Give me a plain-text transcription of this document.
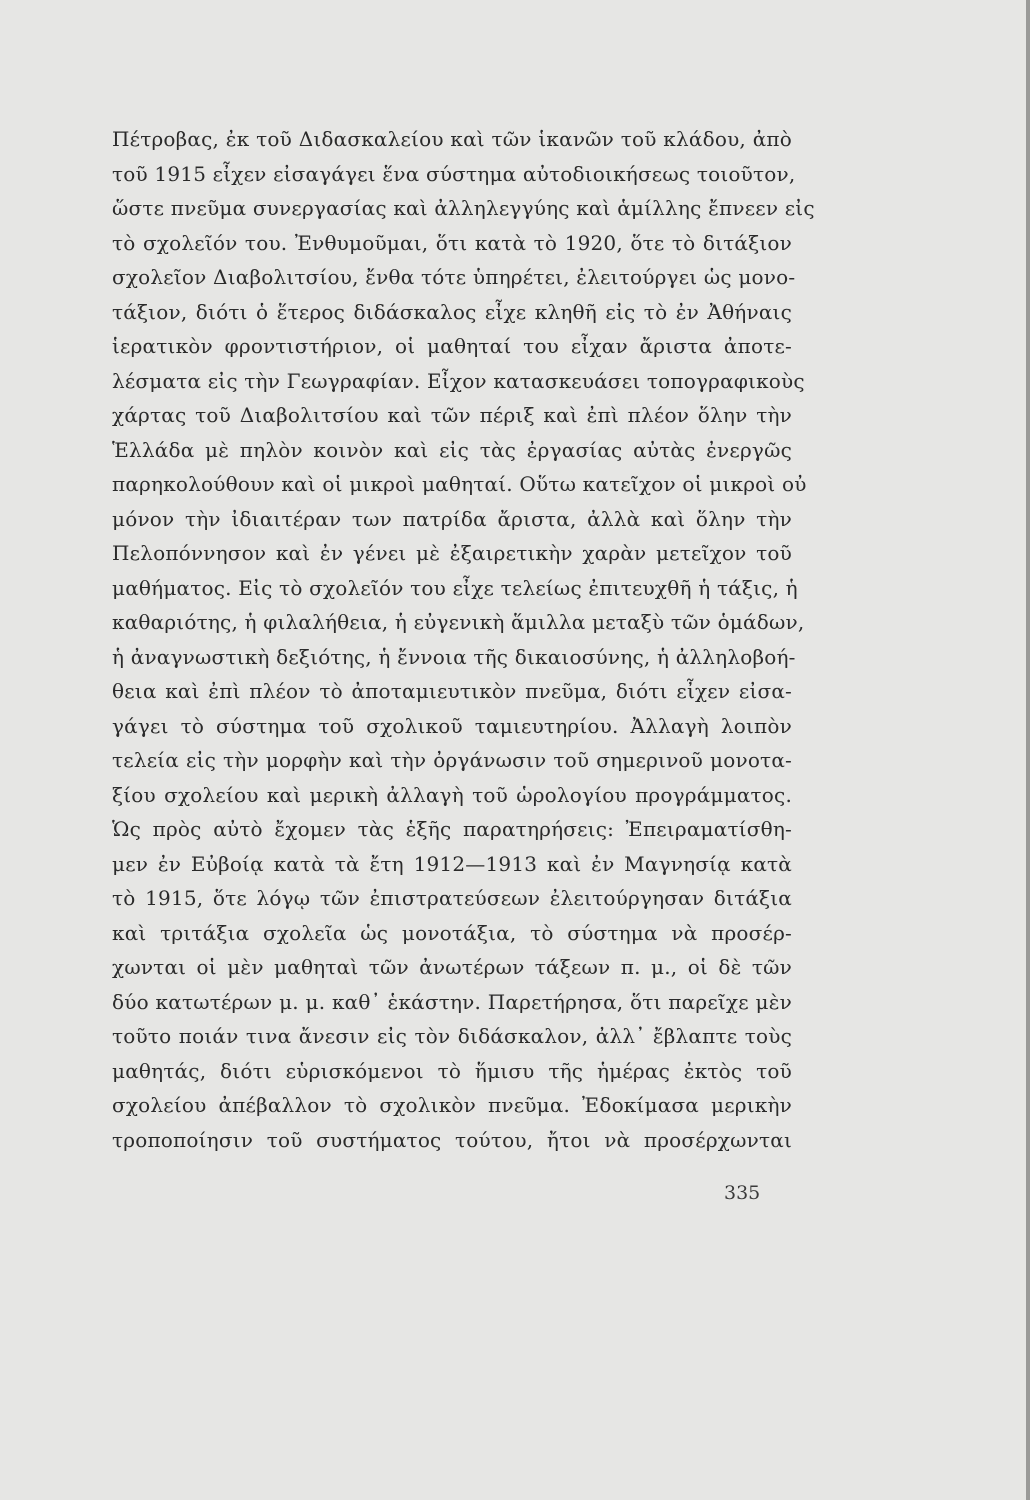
Πέτροβας, ἐκ τοῦ Διδασκαλείου καὶ τῶν ἱκανῶν τοῦ κλάδου, ἀπὸ
τοῦ 1915 εἶχεν εἰσαγάγει ἕνα σύστημα αὐτοδιοικήσεως τοιοῦτον,
ὥστε πνεῦμα συνεργασίας καὶ ἀλληλεγγύης καὶ ἁμίλλης ἔπνεεν εἰς
τὸ σχολεῖόν του. Ἐνθυμοῦμαι, ὅτι κατὰ τὸ 1920, ὅτε τὸ διτάξιον
σχολεῖον Διαβολιτσίου, ἔνθα τότε ὑπηρέτει, ἐλειτούργει ὡς μονο-
τάξιον, διότι ὁ ἕτερος διδάσκαλος εἶχε κληθῆ εἰς τὸ ἐν Ἀθήναις
ἱερατικὸν φροντιστήριον, οἱ μαθηταί του εἶχαν ἄριστα ἀποτε-
λέσματα εἰς τὴν Γεωγραφίαν. Εἶχον κατασκευάσει τοπογραφικοὺς
χάρτας τοῦ Διαβολιτσίου καὶ τῶν πέριξ καὶ ἐπὶ πλέον ὅλην τὴν
Ἑλλάδα μὲ πηλὸν κοινὸν καὶ εἰς τὰς ἐργασίας αὐτὰς ἐνεργῶς
παρηκολούθουν καὶ οἱ μικροὶ μαθηταί. Οὕτω κατεῖχον οἱ μικροὶ οὐ
μόνον τὴν ἰδιαιτέραν των πατρίδα ἄριστα, ἀλλὰ καὶ ὅλην τὴν
Πελοπόννησον καὶ ἐν γένει μὲ ἐξαιρετικὴν χαρὰν μετεῖχον τοῦ
μαθήματος. Εἰς τὸ σχολεῖόν του εἶχε τελείως ἐπιτευχθῆ ἡ τάξις, ἡ
καθαριότης, ἡ φιλαλήθεια, ἡ εὐγενικὴ ἅμιλλα μεταξὺ τῶν ὁμάδων,
ἡ ἀναγνωστικὴ δεξιότης, ἡ ἔννοια τῆς δικαιοσύνης, ἡ ἀλληλοβοή-
θεια καὶ ἐπὶ πλέον τὸ ἀποταμιευτικὸν πνεῦμα, διότι εἶχεν εἰσα-
γάγει τὸ σύστημα τοῦ σχολικοῦ ταμιευτηρίου. Ἀλλαγὴ λοιπὸν
τελεία εἰς τὴν μορφὴν καὶ τὴν ὀργάνωσιν τοῦ σημερινοῦ μονοτα-
ξίου σχολείου καὶ μερικὴ ἀλλαγὴ τοῦ ὡρολογίου προγράμματος.
Ὡς πρὸς αὐτὸ ἔχομεν τὰς ἑξῆς παρατηρήσεις: Ἐπειραματίσθη-
μεν ἐν Εὐβοίᾳ κατὰ τὰ ἔτη 1912—1913 καὶ ἐν Μαγνησίᾳ κατὰ
τὸ 1915, ὅτε λόγῳ τῶν ἐπιστρατεύσεων ἐλειτούργησαν διτάξια
καὶ τριτάξια σχολεῖα ὡς μονοτάξια, τὸ σύστημα νὰ προσέρ-
χωνται οἱ μὲν μαθηταὶ τῶν ἀνωτέρων τάξεων π. μ., οἱ δὲ τῶν
δύο κατωτέρων μ. μ. καθ᾽ ἑκάστην. Παρετήρησα, ὅτι παρεῖχε μὲν
τοῦτο ποιάν τινα ἄνεσιν εἰς τὸν διδάσκαλον, ἀλλ᾽ ἔβλαπτε τοὺς
μαθητάς, διότι εὑρισκόμενοι τὸ ἥμισυ τῆς ἡμέρας ἐκτὸς τοῦ
σχολείου ἀπέβαλλον τὸ σχολικὸν πνεῦμα. Ἐδοκίμασα μερικὴν
τροποποίησιν τοῦ συστήματος τούτου, ἤτοι νὰ προσέρχωνται
335
